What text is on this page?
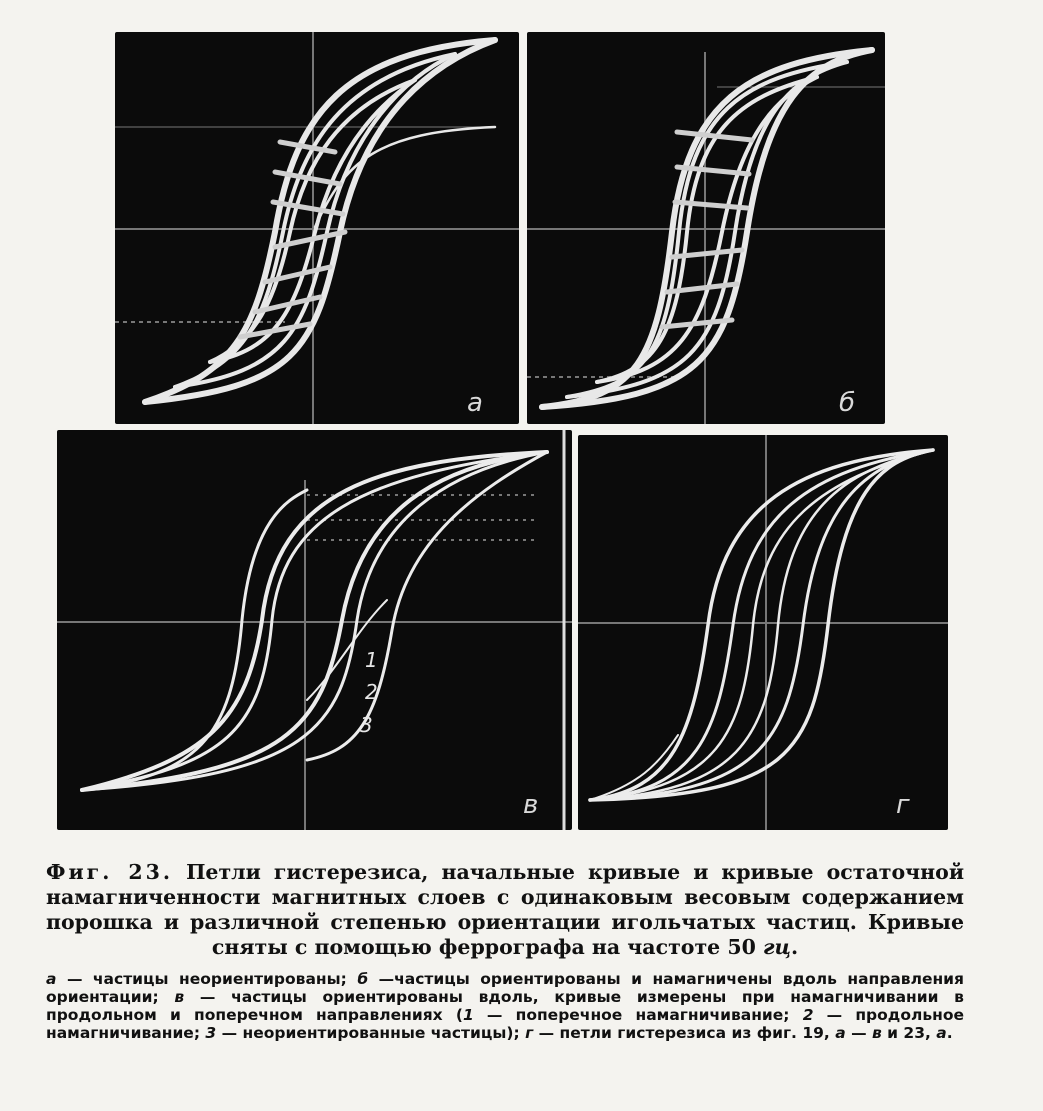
а	б
1
2
3
в	г

Фиг. 23. Петли гистерезиса, начальные кривые и кривые остаточной намагниченности магнитных слоев с одинаковым весовым содержанием порошка и различной степенью ориентации игольчатых частиц. Кривые сняты с помощью феррографа на частоте 50 гц.

а — частицы неориентированы; б —частицы ориентированы и намагничены вдоль направления ориентации; в — частицы ориентированы вдоль, кривые измерены при намагничивании в продольном и поперечном направлениях (1 — поперечное намагничивание; 2 — продольное намагничивание; 3 — неориентированные частицы); г — петли гистерезиса из фиг. 19, а — в и 23, а.
